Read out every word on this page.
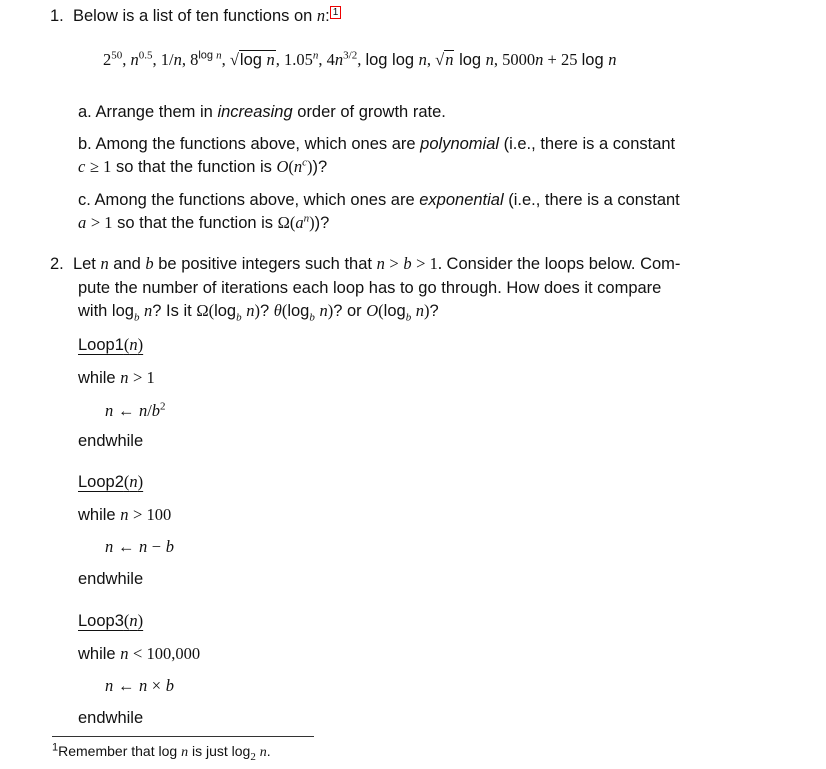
1. Below is a list of ten functions on n: 1
$2^{50}$, $n^{0.5}$, 1/n, $8^{log n}$, √log n, 1.05$^n$, $4n^{3/2}$, log log n, √n log n, 5000n + 25 log n
a. Arrange them in increasing order of growth rate.
b. Among the functions above, which ones are polynomial (i.e., there is a constant
c ≥ 1 so that the function is $O(n^c)$)?
c. Among the functions above, which ones are exponential (i.e., there is a constant
a > 1 so that the function is $\Omega(a^n)$)?
2. Let n and b be positive integers such that n > b > 1. Consider the loops below. Com-
pute the number of iterations each loop has to go through. How does it compare
with $\log_b n$? Is it $\Omega(\log_b$ n)? $\theta(\log_b$ n)? or $O(\log_b$ n)?
Loop1(n)
while n > 1
n ← $n/b^2$
endwhile
Loop2(n)
while n > 100
n ← n − b
endwhile
Loop3(n)
while n < 100,000
n ← n × b
endwhile
$^1$Remember that log n is just $\log_2 n$.
